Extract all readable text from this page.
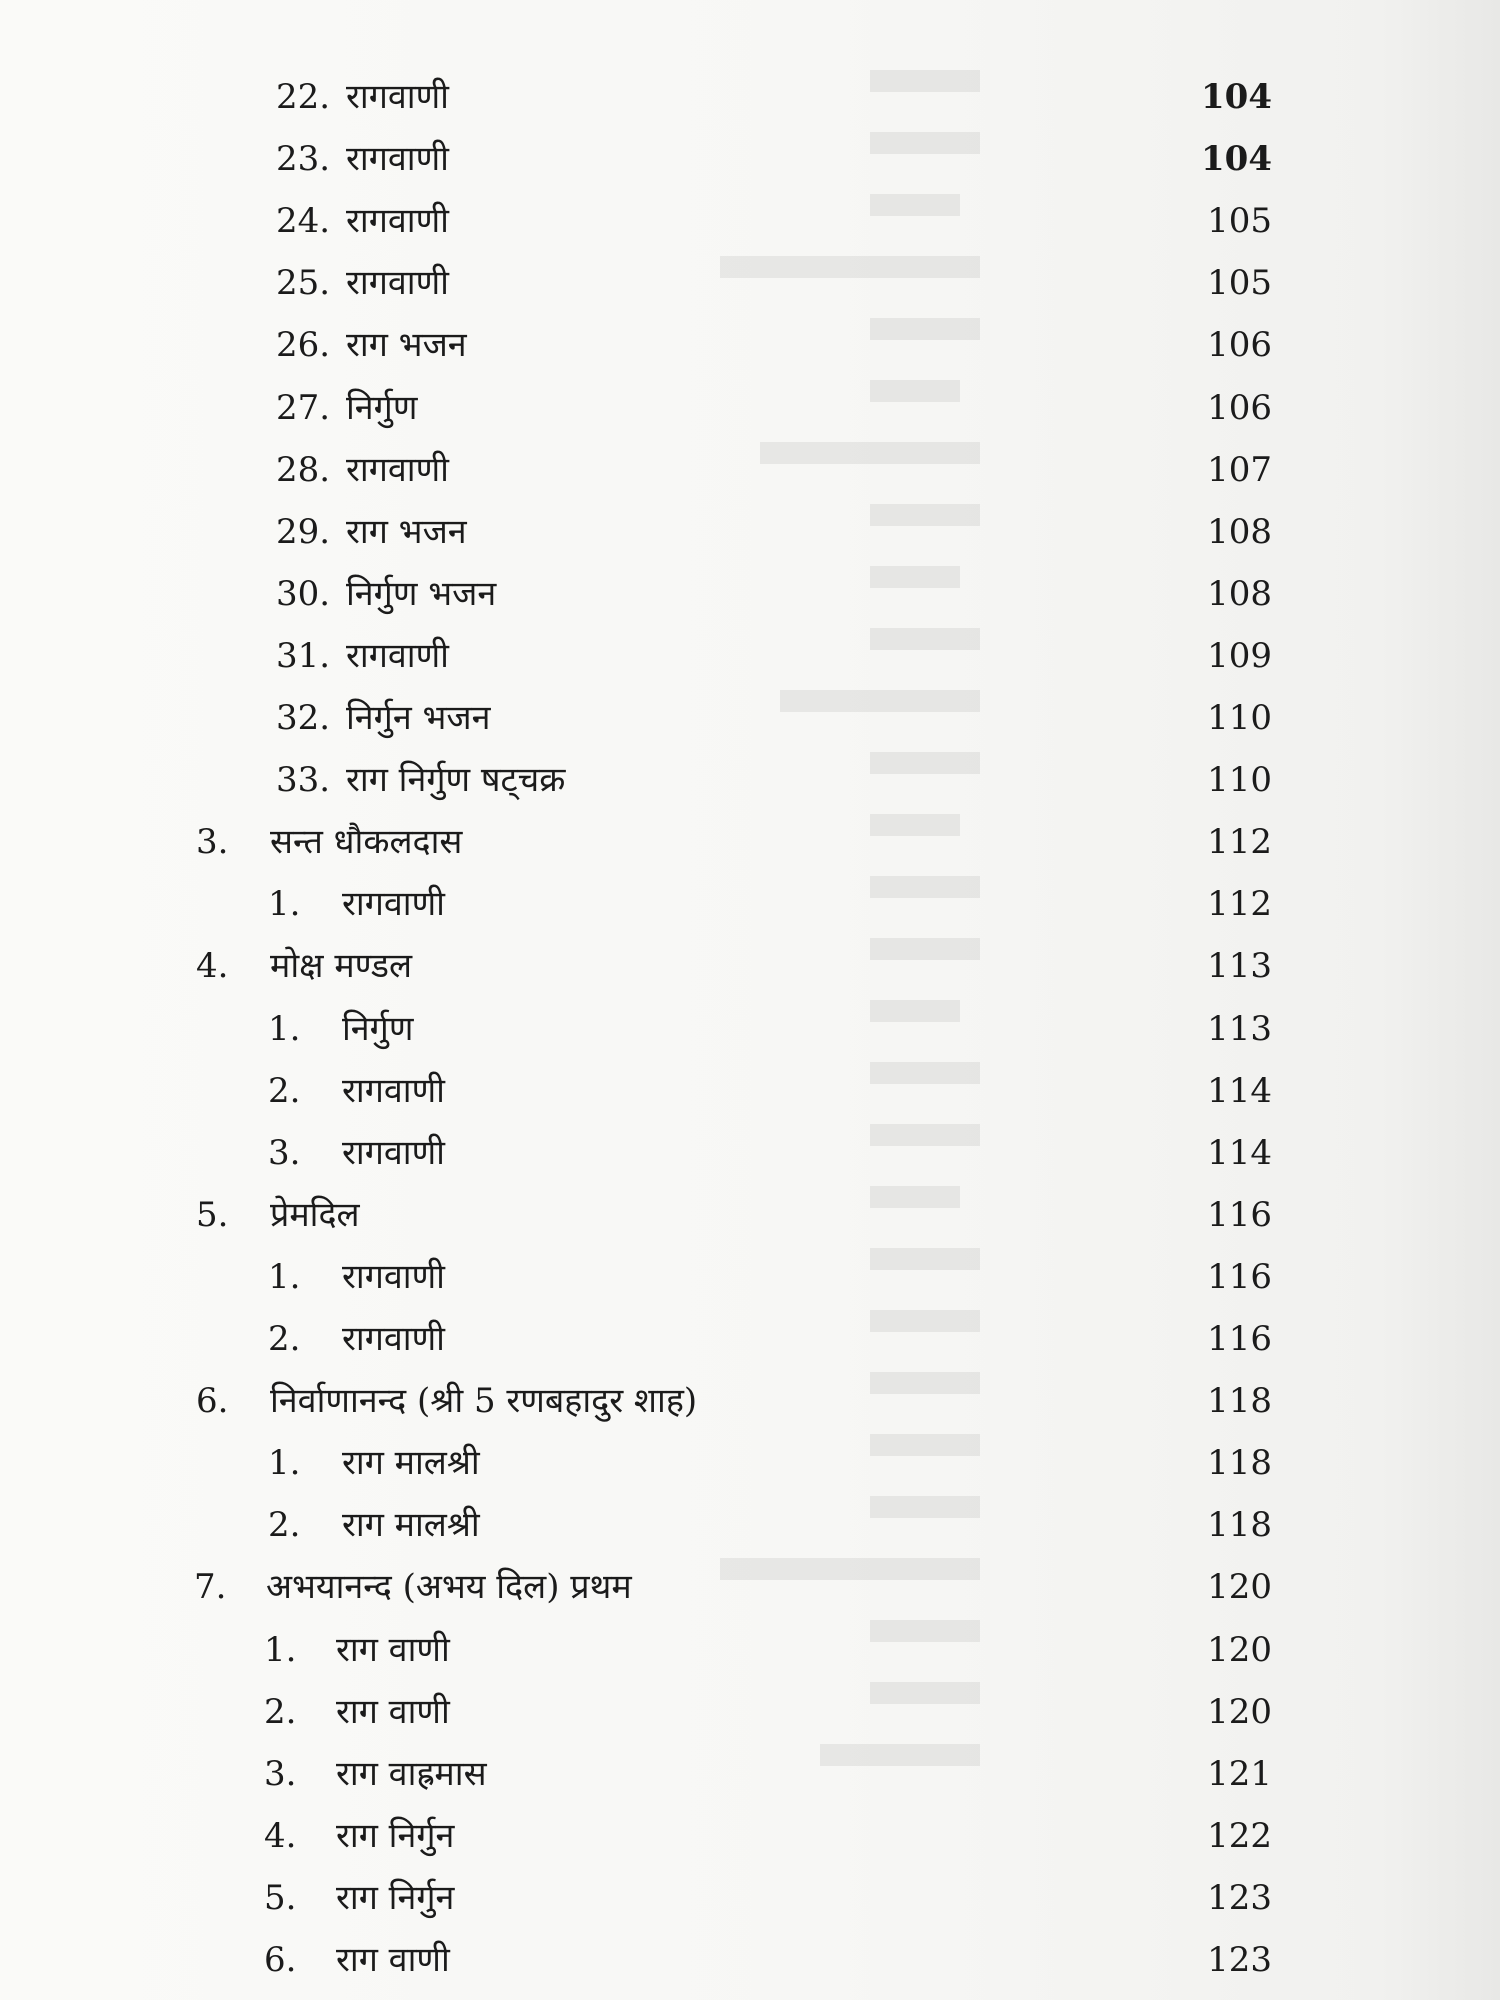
22. रागवाणी	104
23. रागवाणी	104
24. रागवाणी	105
25. रागवाणी	105
26. राग भजन	106
27. निर्गुण	106
28. रागवाणी	107
29. राग भजन	108
30. निर्गुण भजन	108
31. रागवाणी	109
32. निर्गुन भजन	110
33. राग निर्गुण षट्चक्र	110
3. सन्त धौकलदास	112
1. रागवाणी	112
4. मोक्ष मण्डल	113
1. निर्गुण	113
2. रागवाणी	114
3. रागवाणी	114
5. प्रेमदिल	116
1. रागवाणी	116
2. रागवाणी	116
6. निर्वाणानन्द (श्री 5 रणबहादुर शाह)	118
1. राग मालश्री	118
2. राग मालश्री	118
7. अभयानन्द (अभय दिल) प्रथम	120
1. राग वाणी	120
2. राग वाणी	120
3. राग वाह्रमास	121
4. राग निर्गुन	122
5. राग निर्गुन	123
6. राग वाणी	123
